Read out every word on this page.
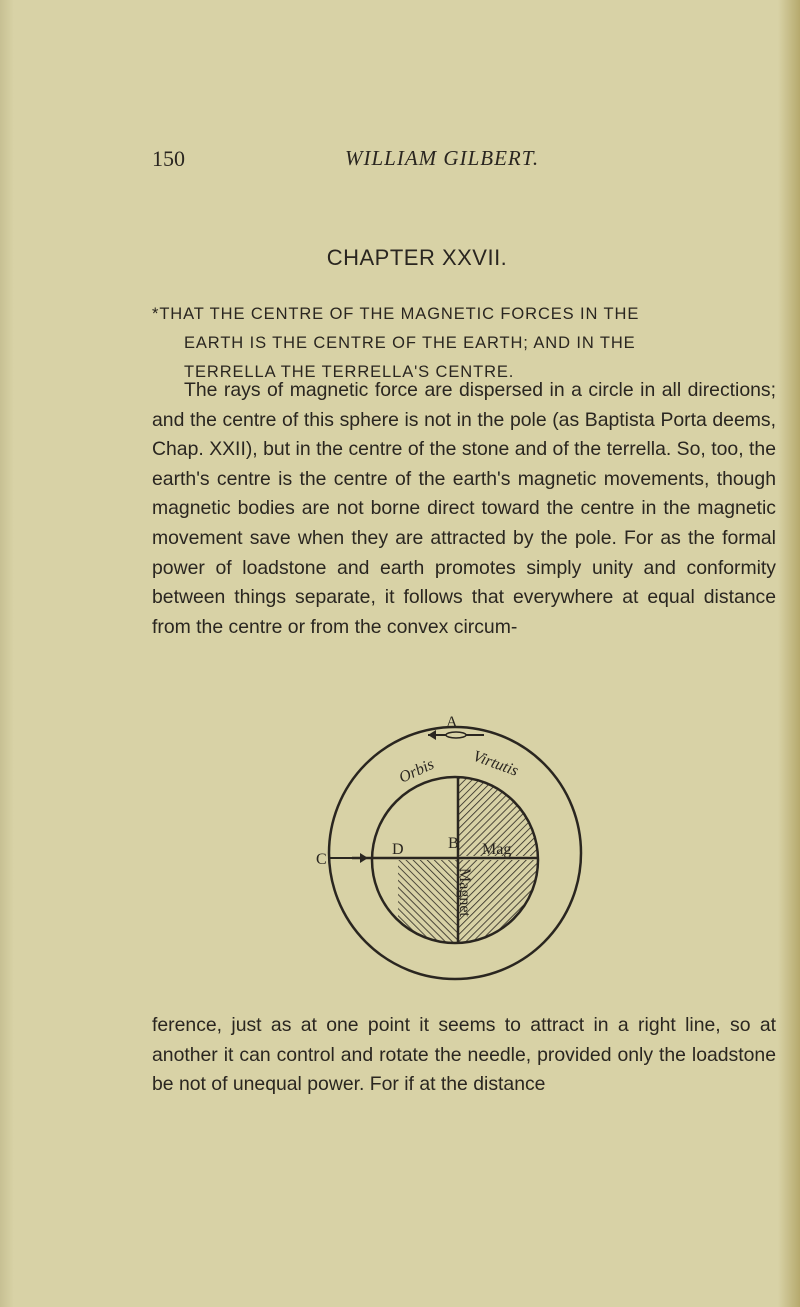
150	WILLIAM GILBERT.
CHAPTER XXVII.
*THAT THE CENTRE OF THE MAGNETIC FORCES IN THE
EARTH IS THE CENTRE OF THE EARTH; AND IN THE
TERRELLA THE TERRELLA'S CENTRE.
The rays of magnetic force are dispersed in a circle in all directions; and the centre of this sphere is not in the pole (as Baptista Porta deems, Chap. XXII), but in the centre of the stone and of the terrella. So, too, the earth's centre is the centre of the earth's magnetic movements, though magnetic bodies are not borne direct toward the centre in the magnetic movement save when they are attracted by the pole. For as the formal power of loadstone and earth promotes simply unity and conformity between things separate, it follows that everywhere at equal distance from the centre or from the convex circum-
A
C
D	B
Orbis Virtutis
Mag
Magnet
ference, just as at one point it seems to attract in a right line, so at another it can control and rotate the needle, provided only the loadstone be not of unequal power. For if at the distance
